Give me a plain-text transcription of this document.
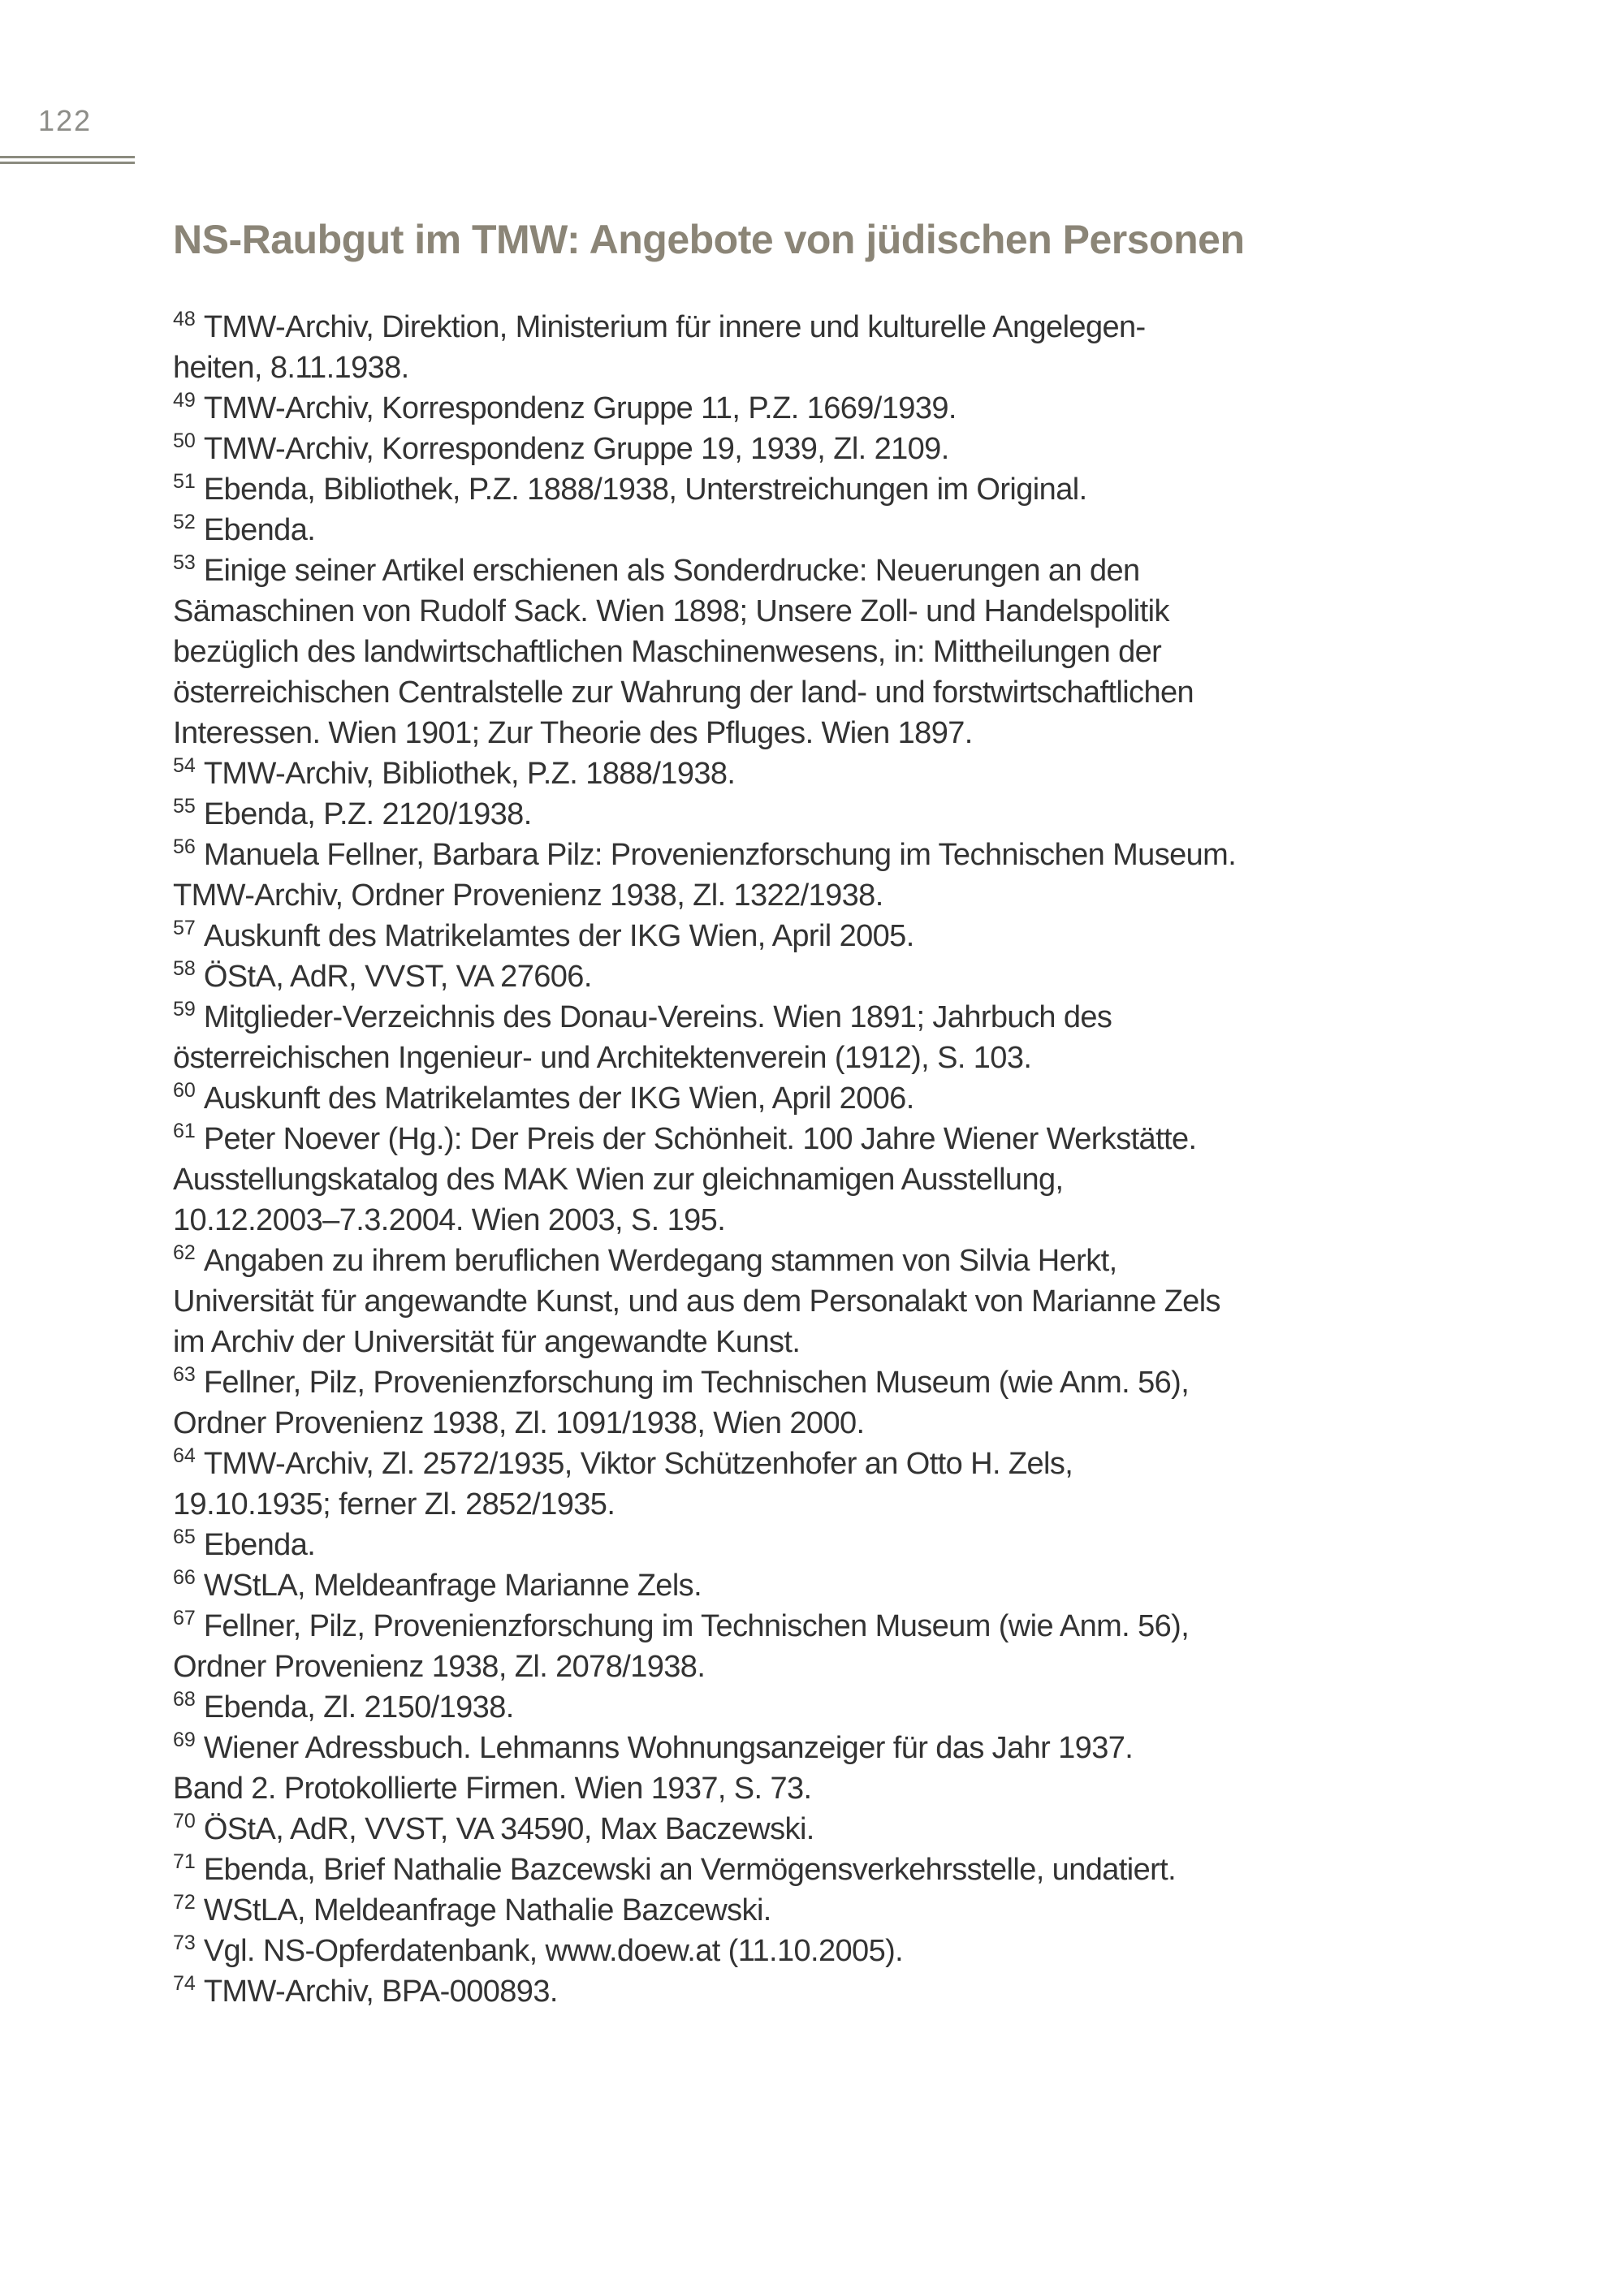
122
NS-Raubgut im TMW: Angebote von jüdischen Personen
$^{48}$ TMW-Archiv, Direktion, Ministerium für innere und kulturelle Angelegen-
heiten, 8.11.1938.
$^{49}$ TMW-Archiv, Korrespondenz Gruppe 11, P.Z. 1669/1939.
$^{50}$ TMW-Archiv, Korrespondenz Gruppe 19, 1939, Zl. 2109.
$^{51}$ Ebenda, Bibliothek, P.Z. 1888/1938, Unterstreichungen im Original.
$^{52}$ Ebenda.
$^{53}$ Einige seiner Artikel erschienen als Sonderdrucke: Neuerungen an den
Sämaschinen von Rudolf Sack. Wien 1898; Unsere Zoll- und Handelspolitik
bezüglich des landwirtschaftlichen Maschinenwesens, in: Mittheilungen der
österreichischen Centralstelle zur Wahrung der land- und forstwirtschaftlichen
Interessen. Wien 1901; Zur Theorie des Pfluges. Wien 1897.
$^{54}$ TMW-Archiv, Bibliothek, P.Z. 1888/1938.
$^{55}$ Ebenda, P.Z. 2120/1938.
$^{56}$ Manuela Fellner, Barbara Pilz: Provenienzforschung im Technischen Museum.
TMW-Archiv, Ordner Provenienz 1938, Zl. 1322/1938.
$^{57}$ Auskunft des Matrikelamtes der IKG Wien, April 2005.
$^{58}$ ÖStA, AdR, VVST, VA 27606.
$^{59}$ Mitglieder-Verzeichnis des Donau-Vereins. Wien 1891; Jahrbuch des
österreichischen Ingenieur- und Architektenverein (1912), S. 103.
$^{60}$ Auskunft des Matrikelamtes der IKG Wien, April 2006.
$^{61}$ Peter Noever (Hg.): Der Preis der Schönheit. 100 Jahre Wiener Werkstätte.
Ausstellungskatalog des MAK Wien zur gleichnamigen Ausstellung,
10.12.2003–7.3.2004. Wien 2003, S. 195.
$^{62}$ Angaben zu ihrem beruflichen Werdegang stammen von Silvia Herkt,
Universität für angewandte Kunst, und aus dem Personalakt von Marianne Zels
im Archiv der Universität für angewandte Kunst.
$^{63}$ Fellner, Pilz, Provenienzforschung im Technischen Museum (wie Anm. 56),
Ordner Provenienz 1938, Zl. 1091/1938, Wien 2000.
$^{64}$ TMW-Archiv, Zl. 2572/1935, Viktor Schützenhofer an Otto H. Zels,
19.10.1935; ferner Zl. 2852/1935.
$^{65}$ Ebenda.
$^{66}$ WStLA, Meldeanfrage Marianne Zels.
$^{67}$ Fellner, Pilz, Provenienzforschung im Technischen Museum (wie Anm. 56),
Ordner Provenienz 1938, Zl. 2078/1938.
$^{68}$ Ebenda, Zl. 2150/1938.
$^{69}$ Wiener Adressbuch. Lehmanns Wohnungsanzeiger für das Jahr 1937.
Band 2. Protokollierte Firmen. Wien 1937, S. 73.
$^{70}$ ÖStA, AdR, VVST, VA 34590, Max Baczewski.
$^{71}$ Ebenda, Brief Nathalie Bazcewski an Vermögensverkehrsstelle, undatiert.
$^{72}$ WStLA, Meldeanfrage Nathalie Bazcewski.
$^{73}$ Vgl. NS-Opferdatenbank, www.doew.at (11.10.2005).
$^{74}$ TMW-Archiv, BPA-000893.
